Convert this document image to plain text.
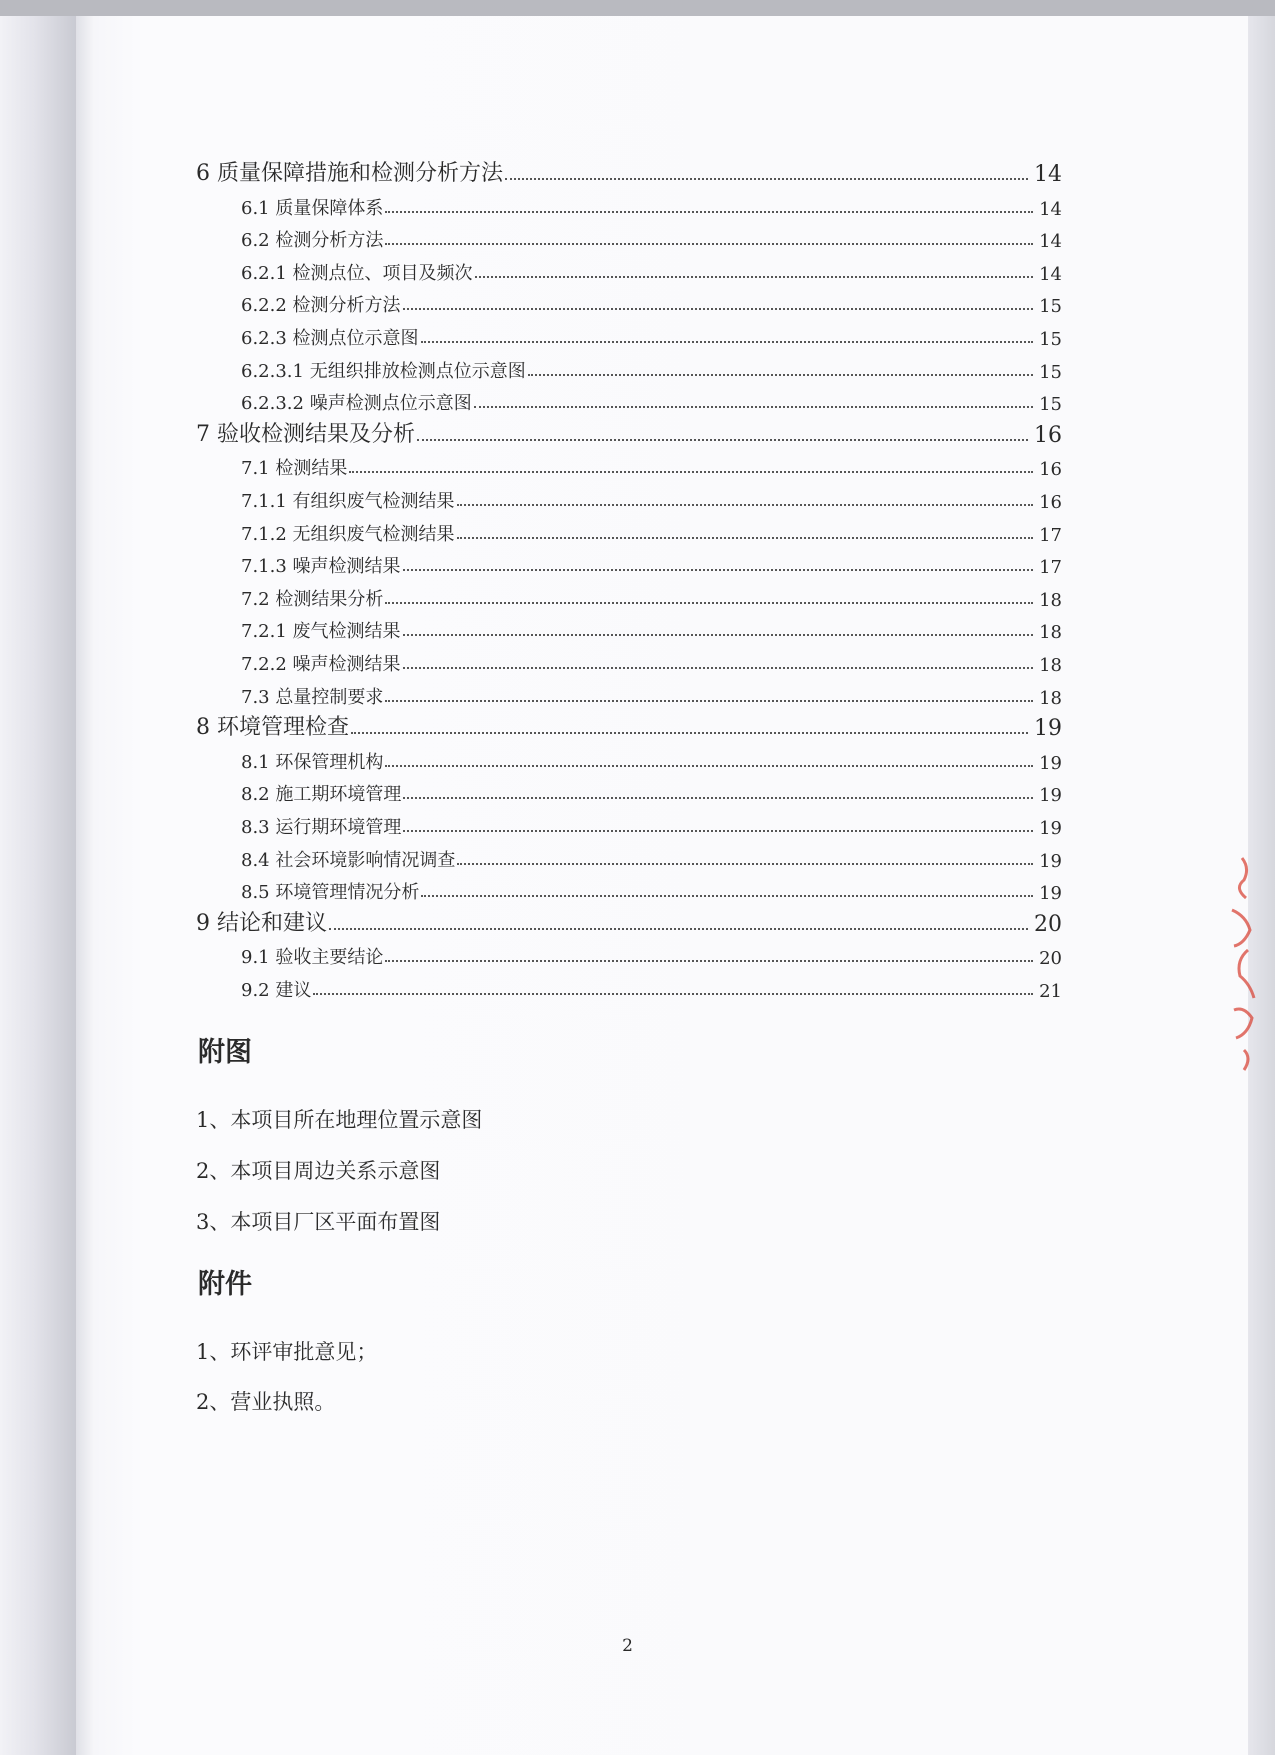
6 质量保障措施和检测分析方法	14
6.1 质量保障体系	14
6.2 检测分析方法	14
6.2.1 检测点位、项目及频次	14
6.2.2 检测分析方法	15
6.2.3 检测点位示意图	15
6.2.3.1 无组织排放检测点位示意图	15
6.2.3.2 噪声检测点位示意图	15
7 验收检测结果及分析	16
7.1 检测结果	16
7.1.1 有组织废气检测结果	16
7.1.2 无组织废气检测结果	17
7.1.3 噪声检测结果	17
7.2 检测结果分析	18
7.2.1 废气检测结果	18
7.2.2 噪声检测结果	18
7.3 总量控制要求	18
8 环境管理检查	19
8.1 环保管理机构	19
8.2 施工期环境管理	19
8.3 运行期环境管理	19
8.4 社会环境影响情况调查	19
8.5 环境管理情况分析	19
9 结论和建议	20
9.1 验收主要结论	20
9.2 建议	21
附图
1、本项目所在地理位置示意图
2、本项目周边关系示意图
3、本项目厂区平面布置图
附件
1、环评审批意见；
2、营业执照。
2
